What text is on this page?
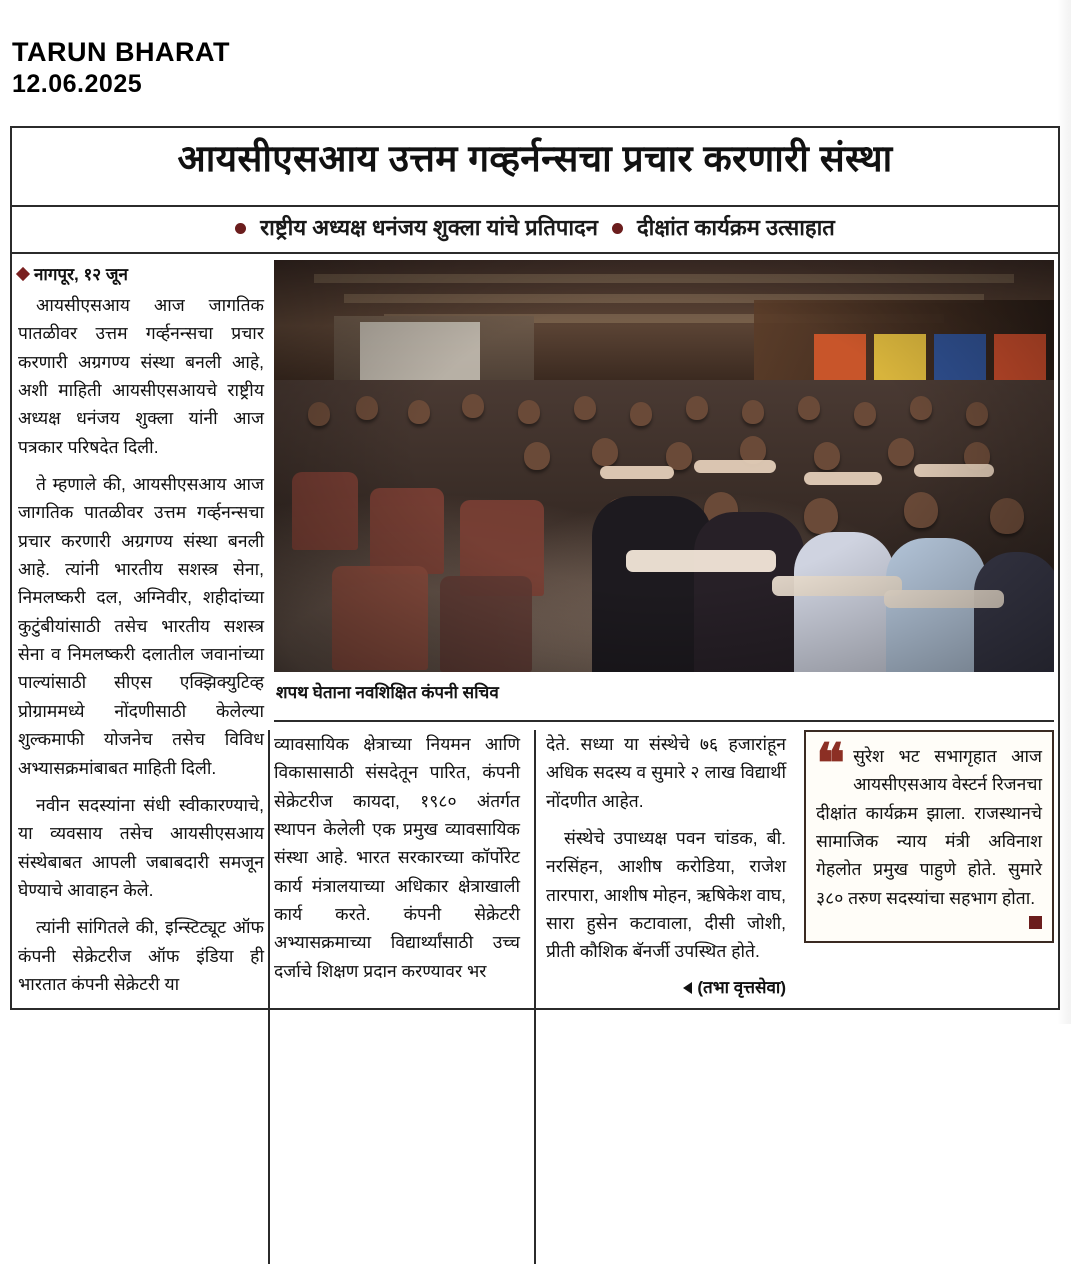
TARUN BHARAT
12.06.2025
आयसीएसआय उत्तम गव्हर्नन्सचा प्रचार करणारी संस्था
राष्ट्रीय अध्यक्ष धनंजय शुक्ला यांचे प्रतिपादन दीक्षांत कार्यक्रम उत्साहात
नागपूर, १२ जून

आयसीएसआय आज जागतिक पातळीवर उत्तम गर्व्हनन्सचा प्रचार करणारी अग्रगण्य संस्था बनली आहे, अशी माहिती आयसीएसआयचे राष्ट्रीय अध्यक्ष धनंजय शुक्ला यांनी आज पत्रकार परिषदेत दिली.

ते म्हणाले की, आयसीएसआय आज जागतिक पातळीवर उत्तम गर्व्हनन्सचा प्रचार करणारी अग्रगण्य संस्था बनली आहे. त्यांनी भारतीय सशस्त्र सेना, निमलष्करी दल, अग्निवीर, शहीदांच्या कुटुंबीयांसाठी तसेच भारतीय सशस्त्र सेना व निमलष्करी दलातील जवानांच्या पाल्यांसाठी सीएस एक्झिक्युटिव्ह प्रोग्राममध्ये नोंदणीसाठी केलेल्या शुल्कमाफी योजनेच तसेच विविध अभ्यासक्रमांबाबत माहिती दिली.

नवीन सदस्यांना संधी स्वीकारण्याचे, या व्यवसाय तसेच आयसीएसआय संस्थेबाबत आपली जबाबदारी समजून घेण्याचे आवाहन केले.

त्यांनी सांगितले की, इन्स्टिट्यूट ऑफ कंपनी सेक्रेटरीज ऑफ इंडिया ही भारतात कंपनी सेक्रेटरी या

शपथ घेताना नवशिक्षित कंपनी सचिव

व्यावसायिक क्षेत्राच्या नियमन आणि विकासासाठी संसदेतून पारित, कंपनी सेक्रेटरीज कायदा, १९८० अंतर्गत स्थापन केलेली एक प्रमुख व्यावसायिक संस्था आहे. भारत सरकारच्या कॉर्पोरेट कार्य मंत्रालयाच्या अधिकार क्षेत्राखाली कार्य करते. कंपनी सेक्रेटरी अभ्यासक्रमाच्या विद्यार्थ्यांसाठी उच्च दर्जाचे शिक्षण प्रदान करण्यावर भर

देते. सध्या या संस्थेचे ७६ हजारांहून अधिक सदस्य व सुमारे २ लाख विद्यार्थी नोंदणीत आहेत.

संस्थेचे उपाध्यक्ष पवन चांडक, बी. नरसिंहन, आशीष करोडिया, राजेश तारपारा, आशीष मोहन, ऋषिकेश वाघ, सारा हुसेन कटावाला, दीसी जोशी, प्रीती कौशिक बॅनर्जी उपस्थित होते.

(तभा वृत्तसेवा)
❝ सुरेश भट सभागृहात आज आयसीएसआय वेस्टर्न रिजनचा दीक्षांत कार्यक्रम झाला. राजस्थानचे सामाजिक न्याय मंत्री अविनाश गेहलोत प्रमुख पाहुणे होते. सुमारे ३८० तरुण सदस्यांचा सहभाग होता.
